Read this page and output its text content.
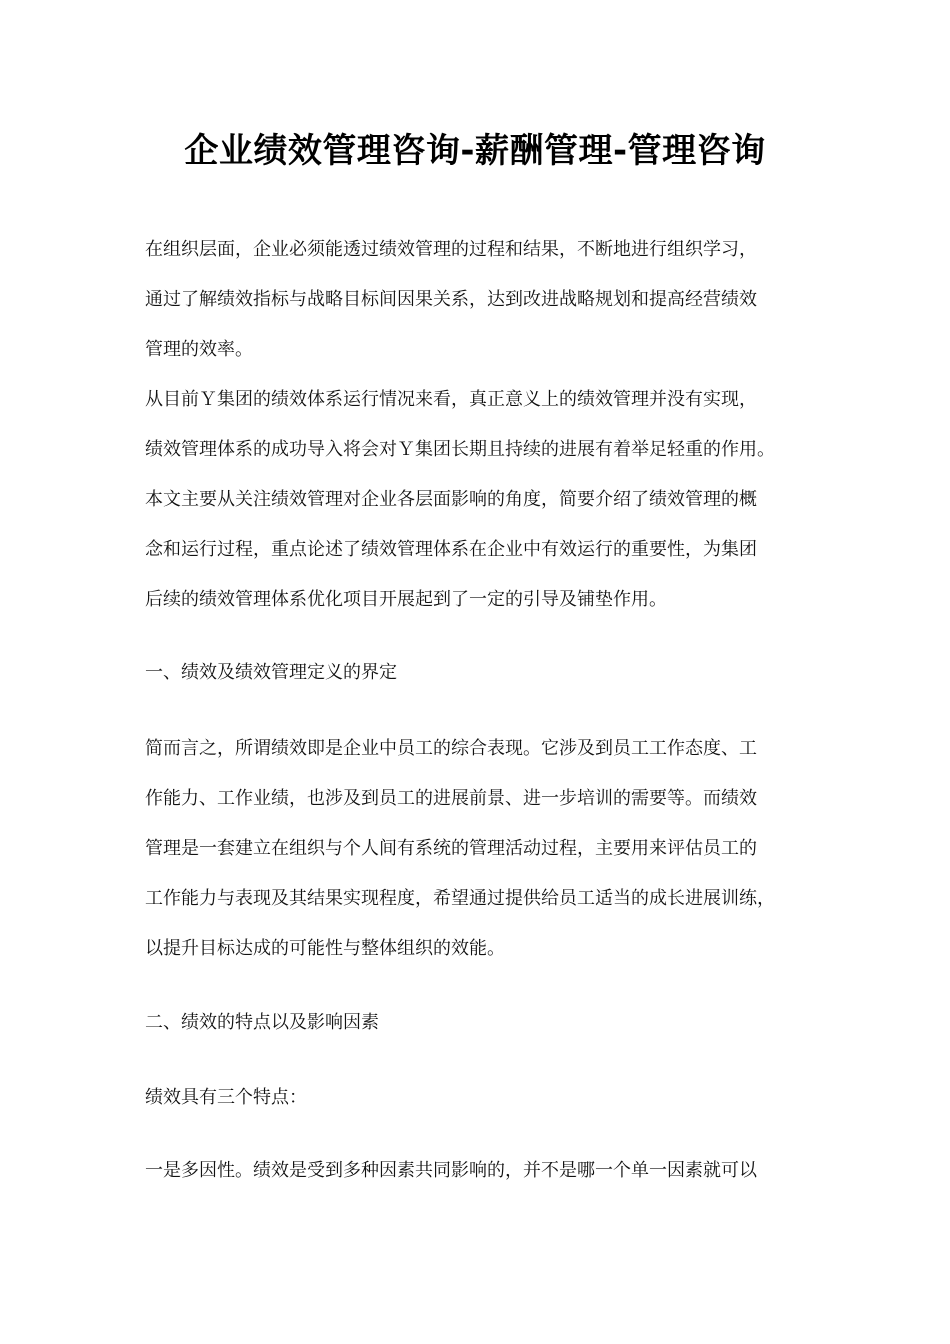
企业绩效管理咨询-薪酬管理-管理咨询
在组织层面，企业必须能透过绩效管理的过程和结果，不断地进行组织学习，
通过了解绩效指标与战略目标间因果关系，达到改进战略规划和提高经营绩效
管理的效率。
从目前Ｙ集团的绩效体系运行情况来看，真正意义上的绩效管理并没有实现，
绩效管理体系的成功导入将会对Ｙ集团长期且持续的进展有着举足轻重的作用。
本文主要从关注绩效管理对企业各层面影响的角度，简要介绍了绩效管理的概
念和运行过程，重点论述了绩效管理体系在企业中有效运行的重要性，为集团
后续的绩效管理体系优化项目开展起到了一定的引导及铺垫作用。
一、绩效及绩效管理定义的界定
简而言之，所谓绩效即是企业中员工的综合表现。它涉及到员工工作态度、工
作能力、工作业绩，也涉及到员工的进展前景、进一步培训的需要等。而绩效
管理是一套建立在组织与个人间有系统的管理活动过程，主要用来评估员工的
工作能力与表现及其结果实现程度，希望通过提供给员工适当的成长进展训练，
以提升目标达成的可能性与整体组织的效能。
二、绩效的特点以及影响因素
绩效具有三个特点：
一是多因性。绩效是受到多种因素共同影响的，并不是哪一个单一因素就可以
